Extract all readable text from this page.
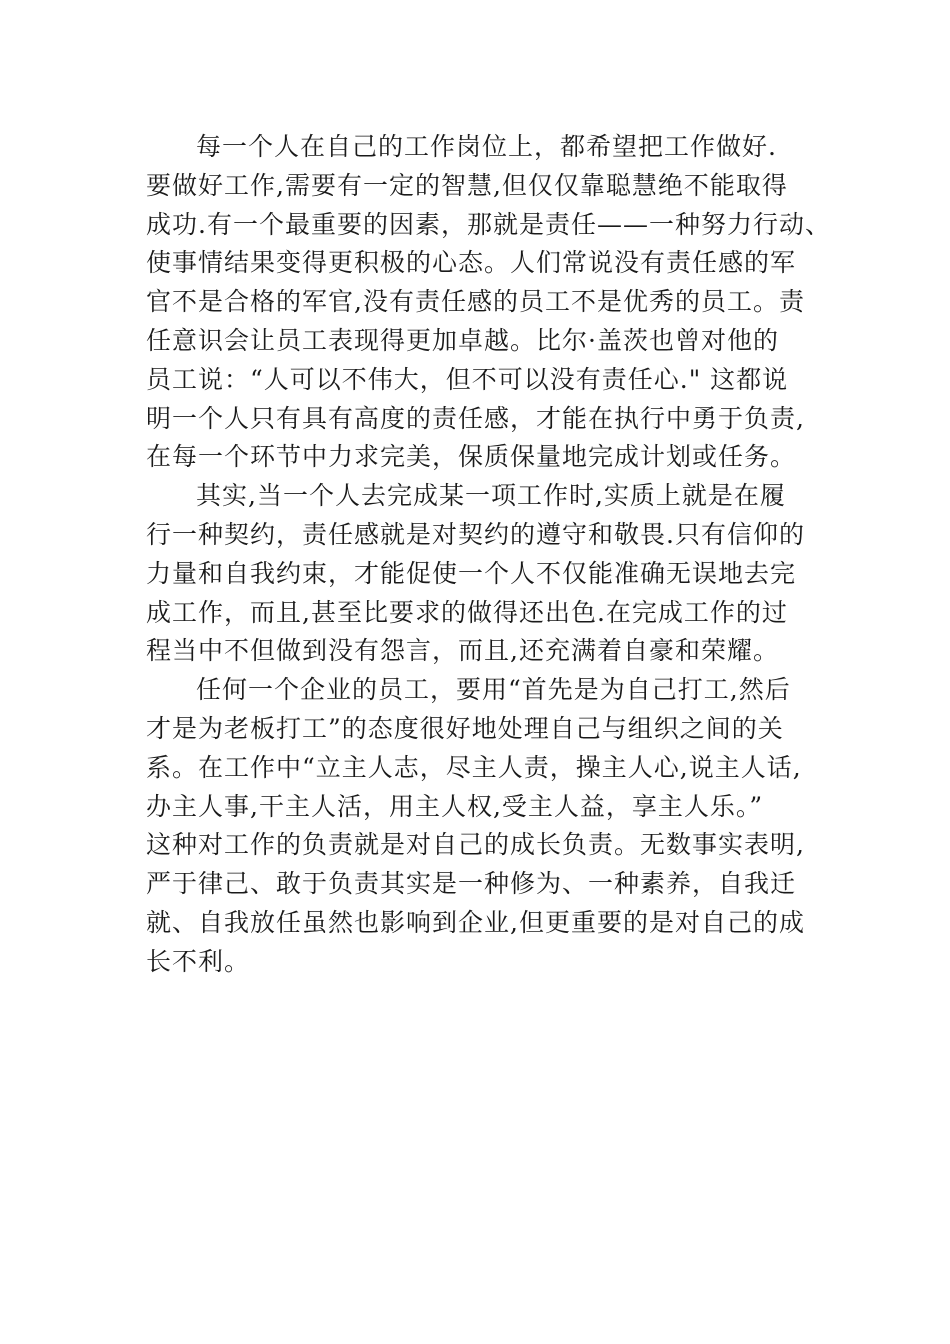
每一个人在自己的工作岗位上，都希望把工作做好.
要做好工作,需要有一定的智慧,但仅仅靠聪慧绝不能取得
成功.有一个最重要的因素，那就是责任——一种努力行动、
使事情结果变得更积极的心态。人们常说没有责任感的军
官不是合格的军官,没有责任感的员工不是优秀的员工。责
任意识会让员工表现得更加卓越。比尔·盖茨也曾对他的
员工说：“人可以不伟大，但不可以没有责任心." 这都说
明一个人只有具有高度的责任感，才能在执行中勇于负责,
在每一个环节中力求完美，保质保量地完成计划或任务。
其实,当一个人去完成某一项工作时,实质上就是在履
行一种契约，责任感就是对契约的遵守和敬畏.只有信仰的
力量和自我约束，才能促使一个人不仅能准确无误地去完
成工作，而且,甚至比要求的做得还出色.在完成工作的过
程当中不但做到没有怨言，而且,还充满着自豪和荣耀。
任何一个企业的员工，要用“首先是为自己打工,然后
才是为老板打工”的态度很好地处理自己与组织之间的关
系。在工作中“立主人志，尽主人责，操主人心,说主人话,
办主人事,干主人活，用主人权,受主人益，享主人乐。”
这种对工作的负责就是对自己的成长负责。无数事实表明,
严于律己、敢于负责其实是一种修为、一种素养，自我迁
就、自我放任虽然也影响到企业,但更重要的是对自己的成
长不利。
